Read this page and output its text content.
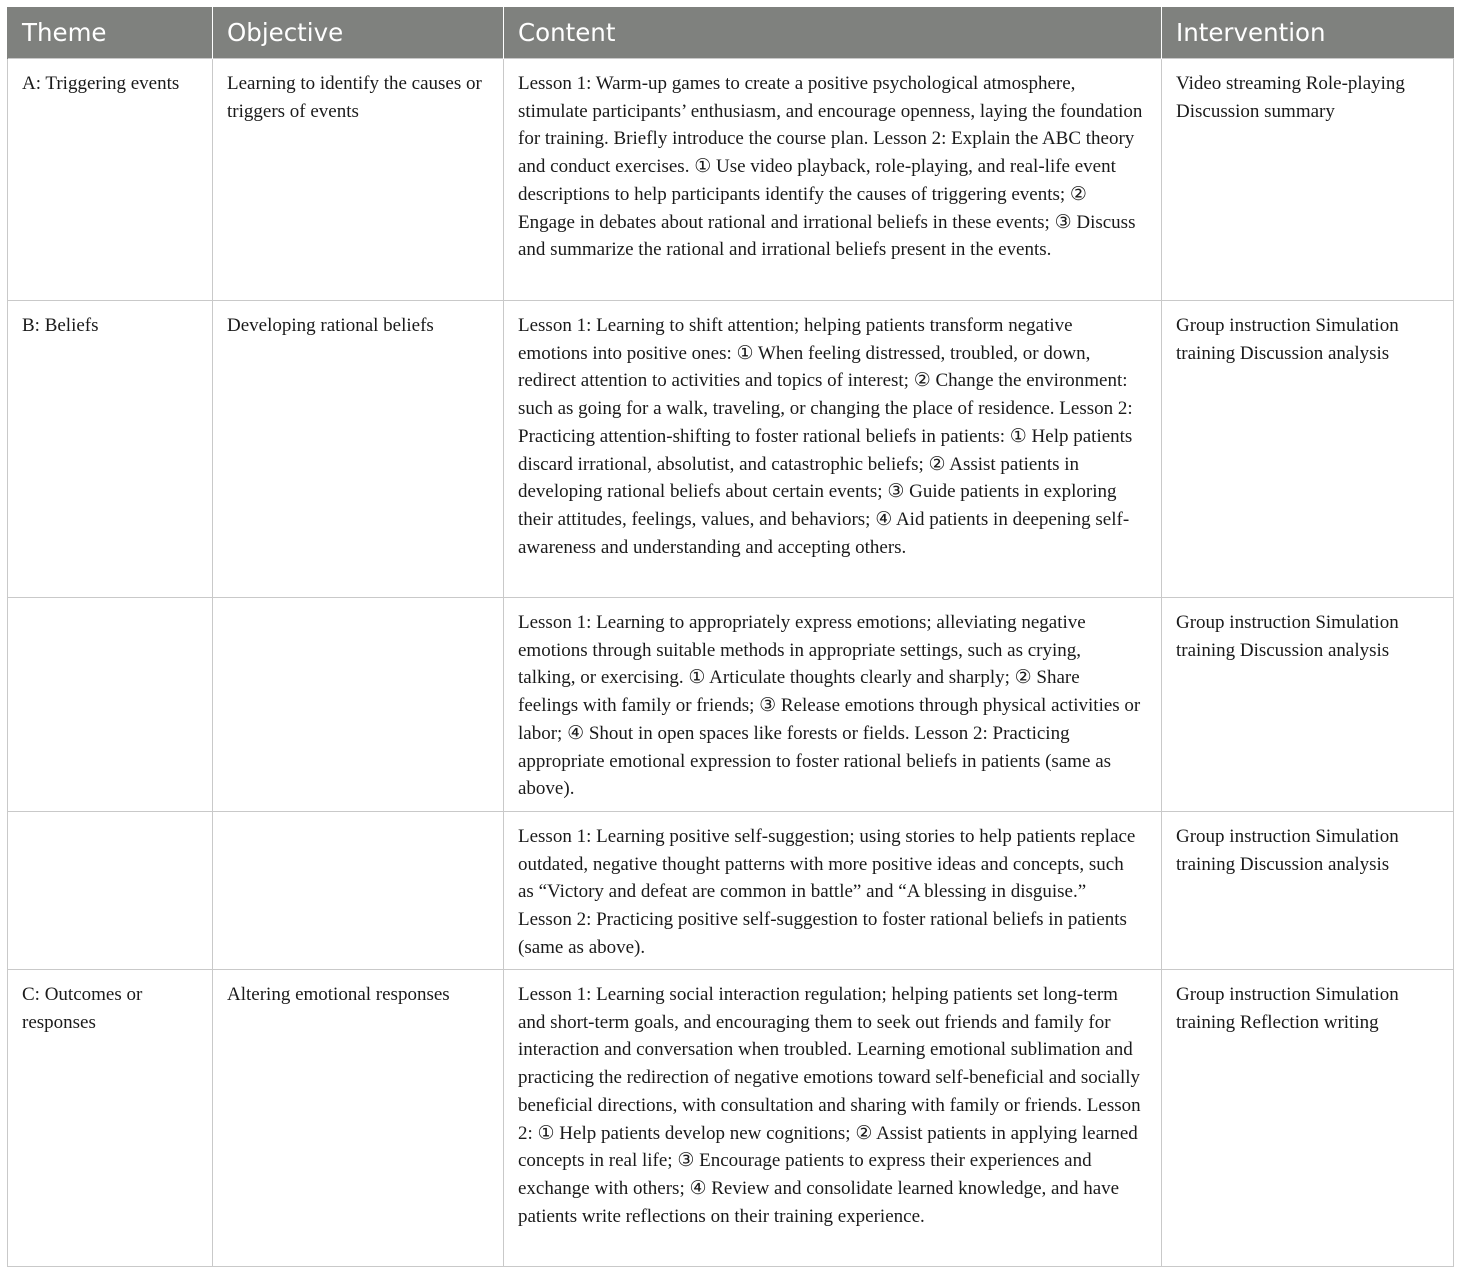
Theme	Objective	Content	Intervention
A: Triggering events	Learning to identify the causes or triggers of events	Lesson 1: Warm-up games to create a positive psychological atmosphere, stimulate participants’ enthusiasm, and encourage openness, laying the foundation for training. Briefly introduce the course plan. Lesson 2: Explain the ABC theory and conduct exercises. ① Use video playback, role-playing, and real-life event descriptions to help participants identify the causes of triggering events; ② Engage in debates about rational and irrational beliefs in these events; ③ Discuss and summarize the rational and irrational beliefs present in the events.	Video streaming Role-playing Discussion summary
B: Beliefs	Developing rational beliefs	Lesson 1: Learning to shift attention; helping patients transform negative emotions into positive ones: ① When feeling distressed, troubled, or down, redirect attention to activities and topics of interest; ② Change the environment: such as going for a walk, traveling, or changing the place of residence. Lesson 2: Practicing attention-shifting to foster rational beliefs in patients: ① Help patients discard irrational, absolutist, and catastrophic beliefs; ② Assist patients in developing rational beliefs about certain events; ③ Guide patients in exploring their attitudes, feelings, values, and behaviors; ④ Aid patients in deepening self-awareness and understanding and accepting others.	Group instruction Simulation training Discussion analysis
		Lesson 1: Learning to appropriately express emotions; alleviating negative emotions through suitable methods in appropriate settings, such as crying, talking, or exercising. ① Articulate thoughts clearly and sharply; ② Share feelings with family or friends; ③ Release emotions through physical activities or labor; ④ Shout in open spaces like forests or fields. Lesson 2: Practicing appropriate emotional expression to foster rational beliefs in patients (same as above).	Group instruction Simulation training Discussion analysis
		Lesson 1: Learning positive self-suggestion; using stories to help patients replace outdated, negative thought patterns with more positive ideas and concepts, such as “Victory and defeat are common in battle” and “A blessing in disguise.” Lesson 2: Practicing positive self-suggestion to foster rational beliefs in patients (same as above).	Group instruction Simulation training Discussion analysis
C: Outcomes or responses	Altering emotional responses	Lesson 1: Learning social interaction regulation; helping patients set long-term and short-term goals, and encouraging them to seek out friends and family for interaction and conversation when troubled. Learning emotional sublimation and practicing the redirection of negative emotions toward self-beneficial and socially beneficial directions, with consultation and sharing with family or friends. Lesson 2: ① Help patients develop new cognitions; ② Assist patients in applying learned concepts in real life; ③ Encourage patients to express their experiences and exchange with others; ④ Review and consolidate learned knowledge, and have patients write reflections on their training experience.	Group instruction Simulation training Reflection writing
